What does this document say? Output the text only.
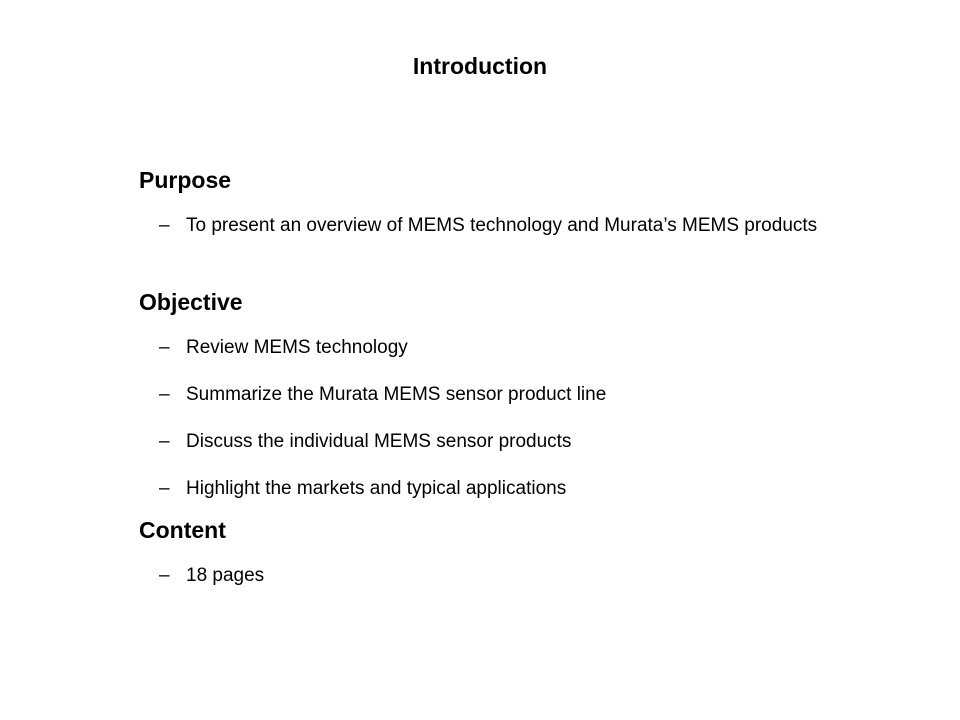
Introduction

Purpose

– To present an overview of MEMS technology and Murata’s MEMS products

Objective

– Review MEMS technology
– Summarize the Murata MEMS sensor product line
– Discuss the individual MEMS sensor products
– Highlight the markets and typical applications

Content

– 18 pages
